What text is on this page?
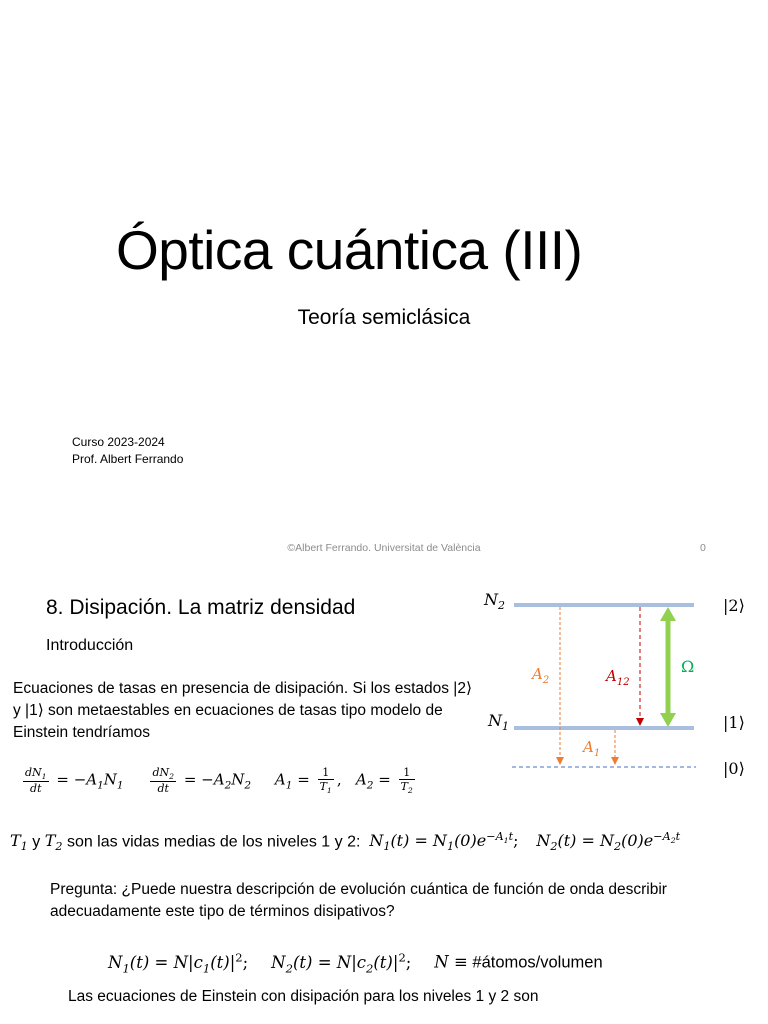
Óptica cuántica (III)
Teoría semiclásica
Curso 2023-2024
Prof. Albert Ferrando
©Albert Ferrando. Universitat de València	0
8. Disipación. La matriz densidad
Introducción
Ecuaciones de tasas en presencia de disipación. Si los estados |2⟩ y |1⟩ son metaestables en ecuaciones de tasas tipo modelo de Einstein tendríamos
$\frac{dN_1}{dt} = -A_1N_1 \frac{dN_2}{dt} = -A_2N_2$     $A_1 = \frac{1}{T_1}$ ,   $A_2 = \frac{1}{T_2}$
$T_1$ y $T_2$ son las vidas medias de los niveles 1 y 2: $N_1(t) = N_1(0)e^{-A_1t}$; $N_2(t) = N_2(0)e^{-A_2t}$
Pregunta: ¿Puede nuestra descripción de evolución cuántica de función de onda describir adecuadamente este tipo de términos disipativos?
$N_1(t) = N|c_1(t)|^2$; $N_2(t) = N|c_2(t)|^2$; N ≡ #átomos/volumen
Las ecuaciones de Einstein con disipación para los niveles 1 y 2 son
$N_2$
$N_1$
$A_2$	$A_{12}$
$A_1$
Ω
|2⟩
|1⟩
|0⟩
